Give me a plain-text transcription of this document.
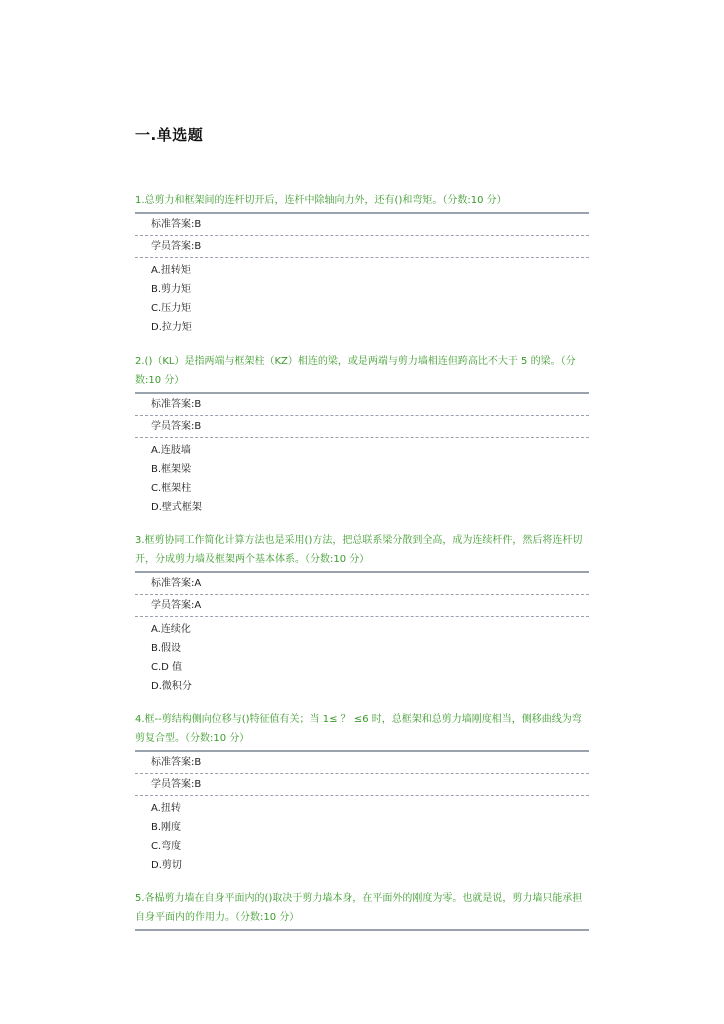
一.单选题

1.总剪力和框架间的连杆切开后，连杆中除轴向力外，还有()和弯矩。（分数:10 分）

标准答案:B
学员答案:B
A.扭转矩
B.剪力矩
C.压力矩
D.拉力矩

2.()（KL）是指两端与框架柱（KZ）相连的梁，或是两端与剪力墙相连但跨高比不大于 5 的梁。（分数:10 分）

标准答案:B
学员答案:B
A.连肢墙
B.框架梁
C.框架柱
D.壁式框架

3.框剪协同工作简化计算方法也是采用()方法，把总联系梁分散到全高，成为连续杆件，然后将连杆切开，分成剪力墙及框架两个基本体系。（分数:10 分）

标准答案:A
学员答案:A
A.连续化
B.假设
C.D 值
D.微积分

4.框--剪结构侧向位移与()特征值有关；当 1≤ ？ ≤6 时，总框架和总剪力墙刚度相当，侧移曲线为弯剪复合型。（分数:10 分）

标准答案:B
学员答案:B
A.扭转
B.刚度
C.弯度
D.剪切

5.各榀剪力墙在自身平面内的()取决于剪力墙本身，在平面外的刚度为零。也就是说，剪力墙只能承担自身平面内的作用力。（分数:10 分）
